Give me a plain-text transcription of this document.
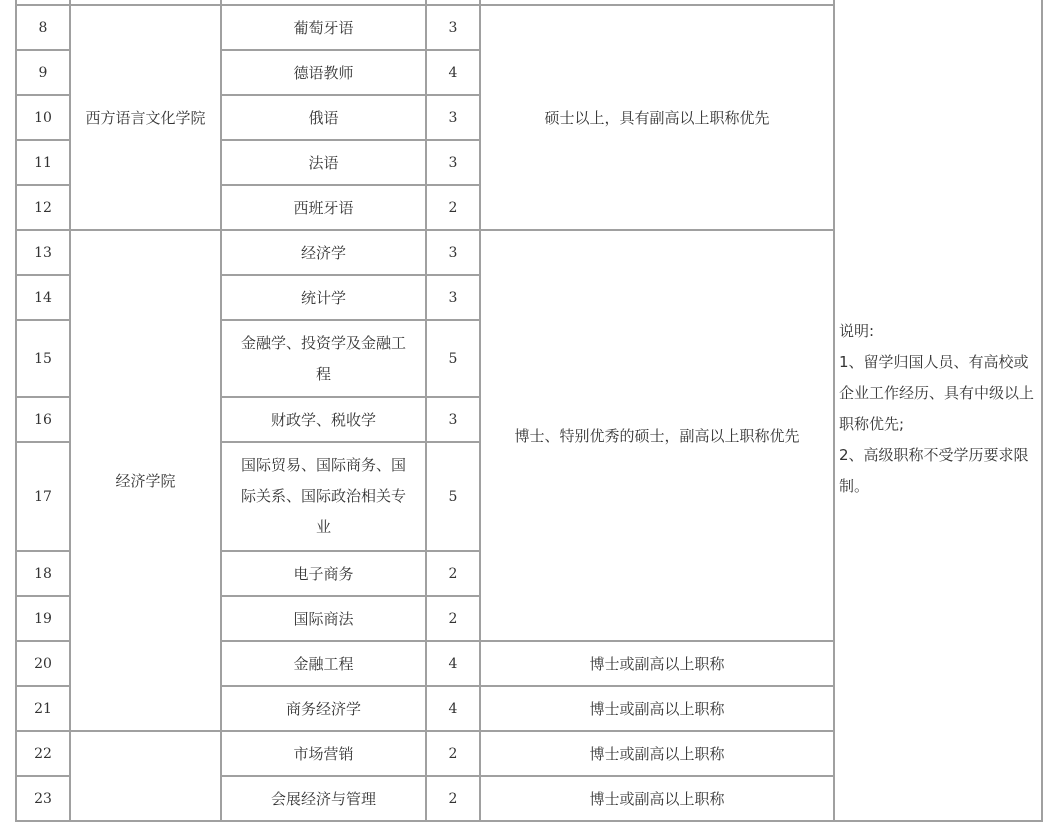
					说明:
1、留学归国人员、有高校或企业工作经历、具有中级以上职称优先;
2、高级职称不受学历要求限制。
8	西方语言文化学院	葡萄牙语	3	硕士以上，具有副高以上职称优先	
9		德语教师	4		
10		俄语	3		
11		法语	3		
12		西班牙语	2		
13	经济学院	经济学	3	博士、特别优秀的硕士，副高以上职称优先	
14		统计学	3		
15		金融学、投资学及金融工程	5		
16		财政学、税收学	3		
17		国际贸易、国际商务、国际关系、国际政治相关专业	5		
18		电子商务	2		
19		国际商法	2		
20		金融工程	4	博士或副高以上职称	
21		商务经济学	4	博士或副高以上职称	
22		市场营销	2	博士或副高以上职称	
23		会展经济与管理	2	博士或副高以上职称	
